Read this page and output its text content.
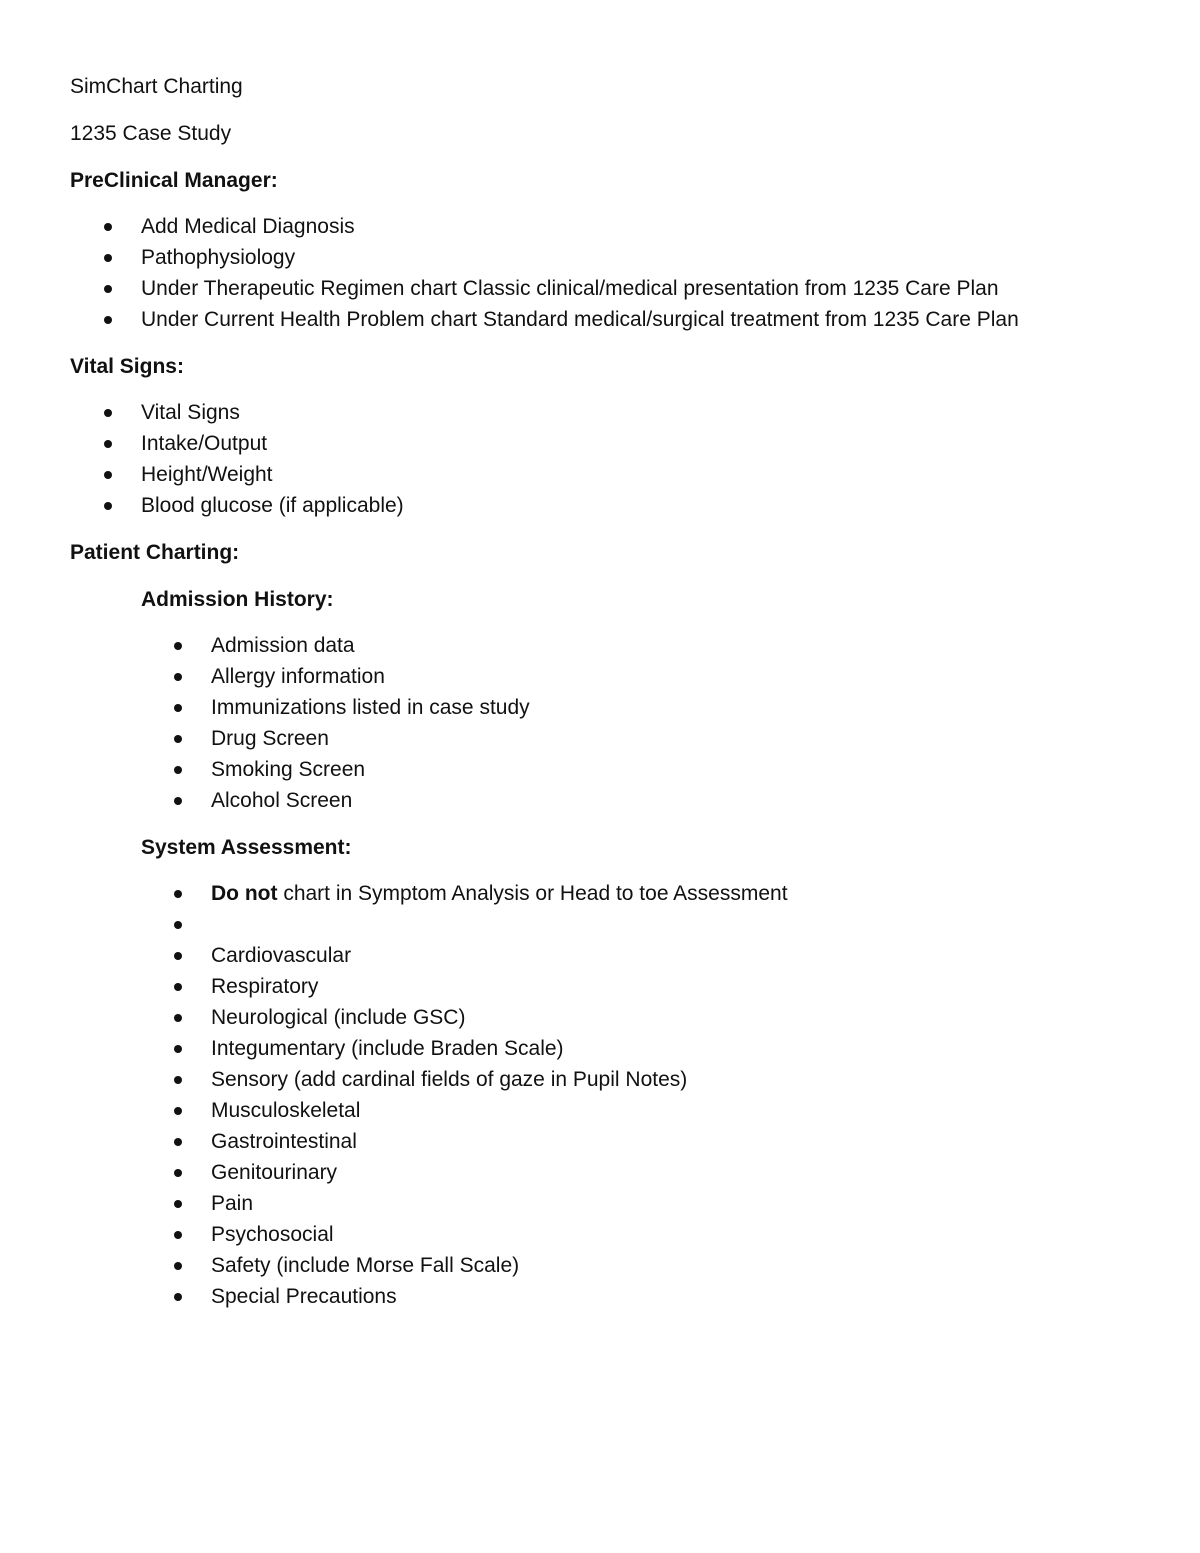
SimChart Charting
1235 Case Study
PreClinical Manager:
Add Medical Diagnosis
Pathophysiology
Under Therapeutic Regimen chart Classic clinical/medical presentation from 1235 Care Plan
Under Current Health Problem chart Standard medical/surgical treatment from 1235 Care Plan
Vital Signs:
Vital Signs
Intake/Output
Height/Weight
Blood glucose (if applicable)
Patient Charting:
Admission History:
Admission data
Allergy information
Immunizations listed in case study
Drug Screen
Smoking Screen
Alcohol Screen
System Assessment:
Do not chart in Symptom Analysis or Head to toe Assessment
Cardiovascular
Respiratory
Neurological (include GSC)
Integumentary (include Braden Scale)
Sensory (add cardinal fields of gaze in Pupil Notes)
Musculoskeletal
Gastrointestinal
Genitourinary
Pain
Psychosocial
Safety (include Morse Fall Scale)
Special Precautions
